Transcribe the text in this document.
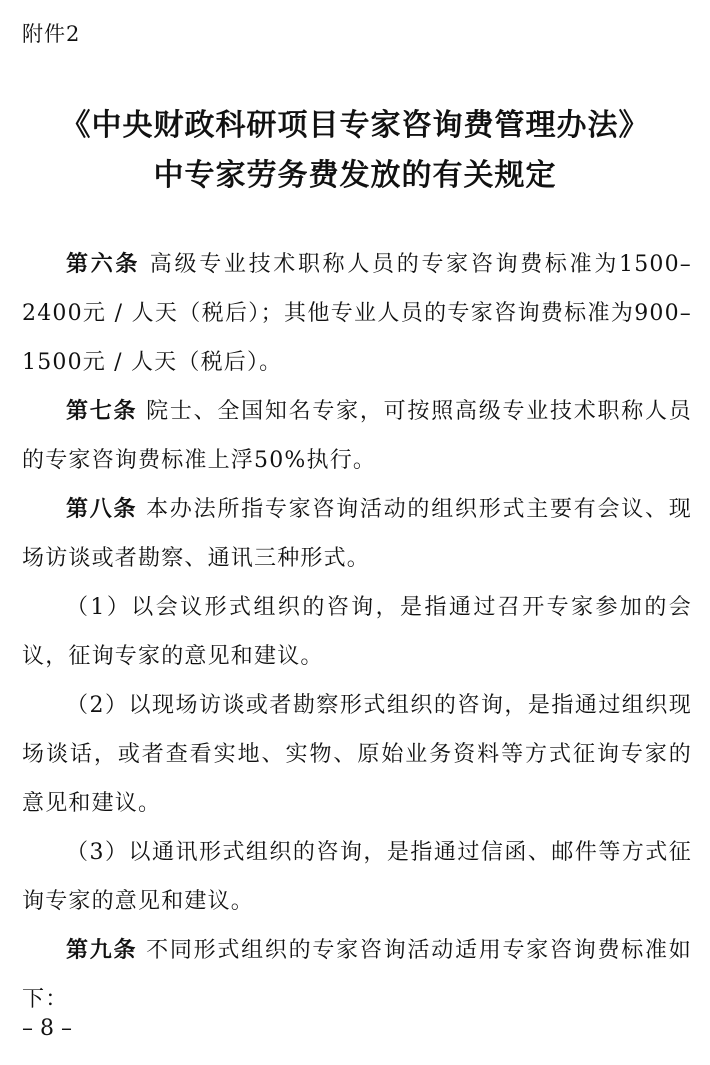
附件2
《中央财政科研项目专家咨询费管理办法》
中专家劳务费发放的有关规定

第六条 高级专业技术职称人员的专家咨询费标准为1500–2400元 / 人天（税后）；其他专业人员的专家咨询费标准为900–1500元 / 人天（税后）。

第七条 院士、全国知名专家，可按照高级专业技术职称人员的专家咨询费标准上浮50%执行。

第八条 本办法所指专家咨询活动的组织形式主要有会议、现场访谈或者勘察、通讯三种形式。

（1）以会议形式组织的咨询，是指通过召开专家参加的会议，征询专家的意见和建议。

（2）以现场访谈或者勘察形式组织的咨询，是指通过组织现场谈话，或者查看实地、实物、原始业务资料等方式征询专家的意见和建议。

（3）以通讯形式组织的咨询，是指通过信函、邮件等方式征询专家的意见和建议。

第九条 不同形式组织的专家咨询活动适用专家咨询费标准如下：

– 8 –
